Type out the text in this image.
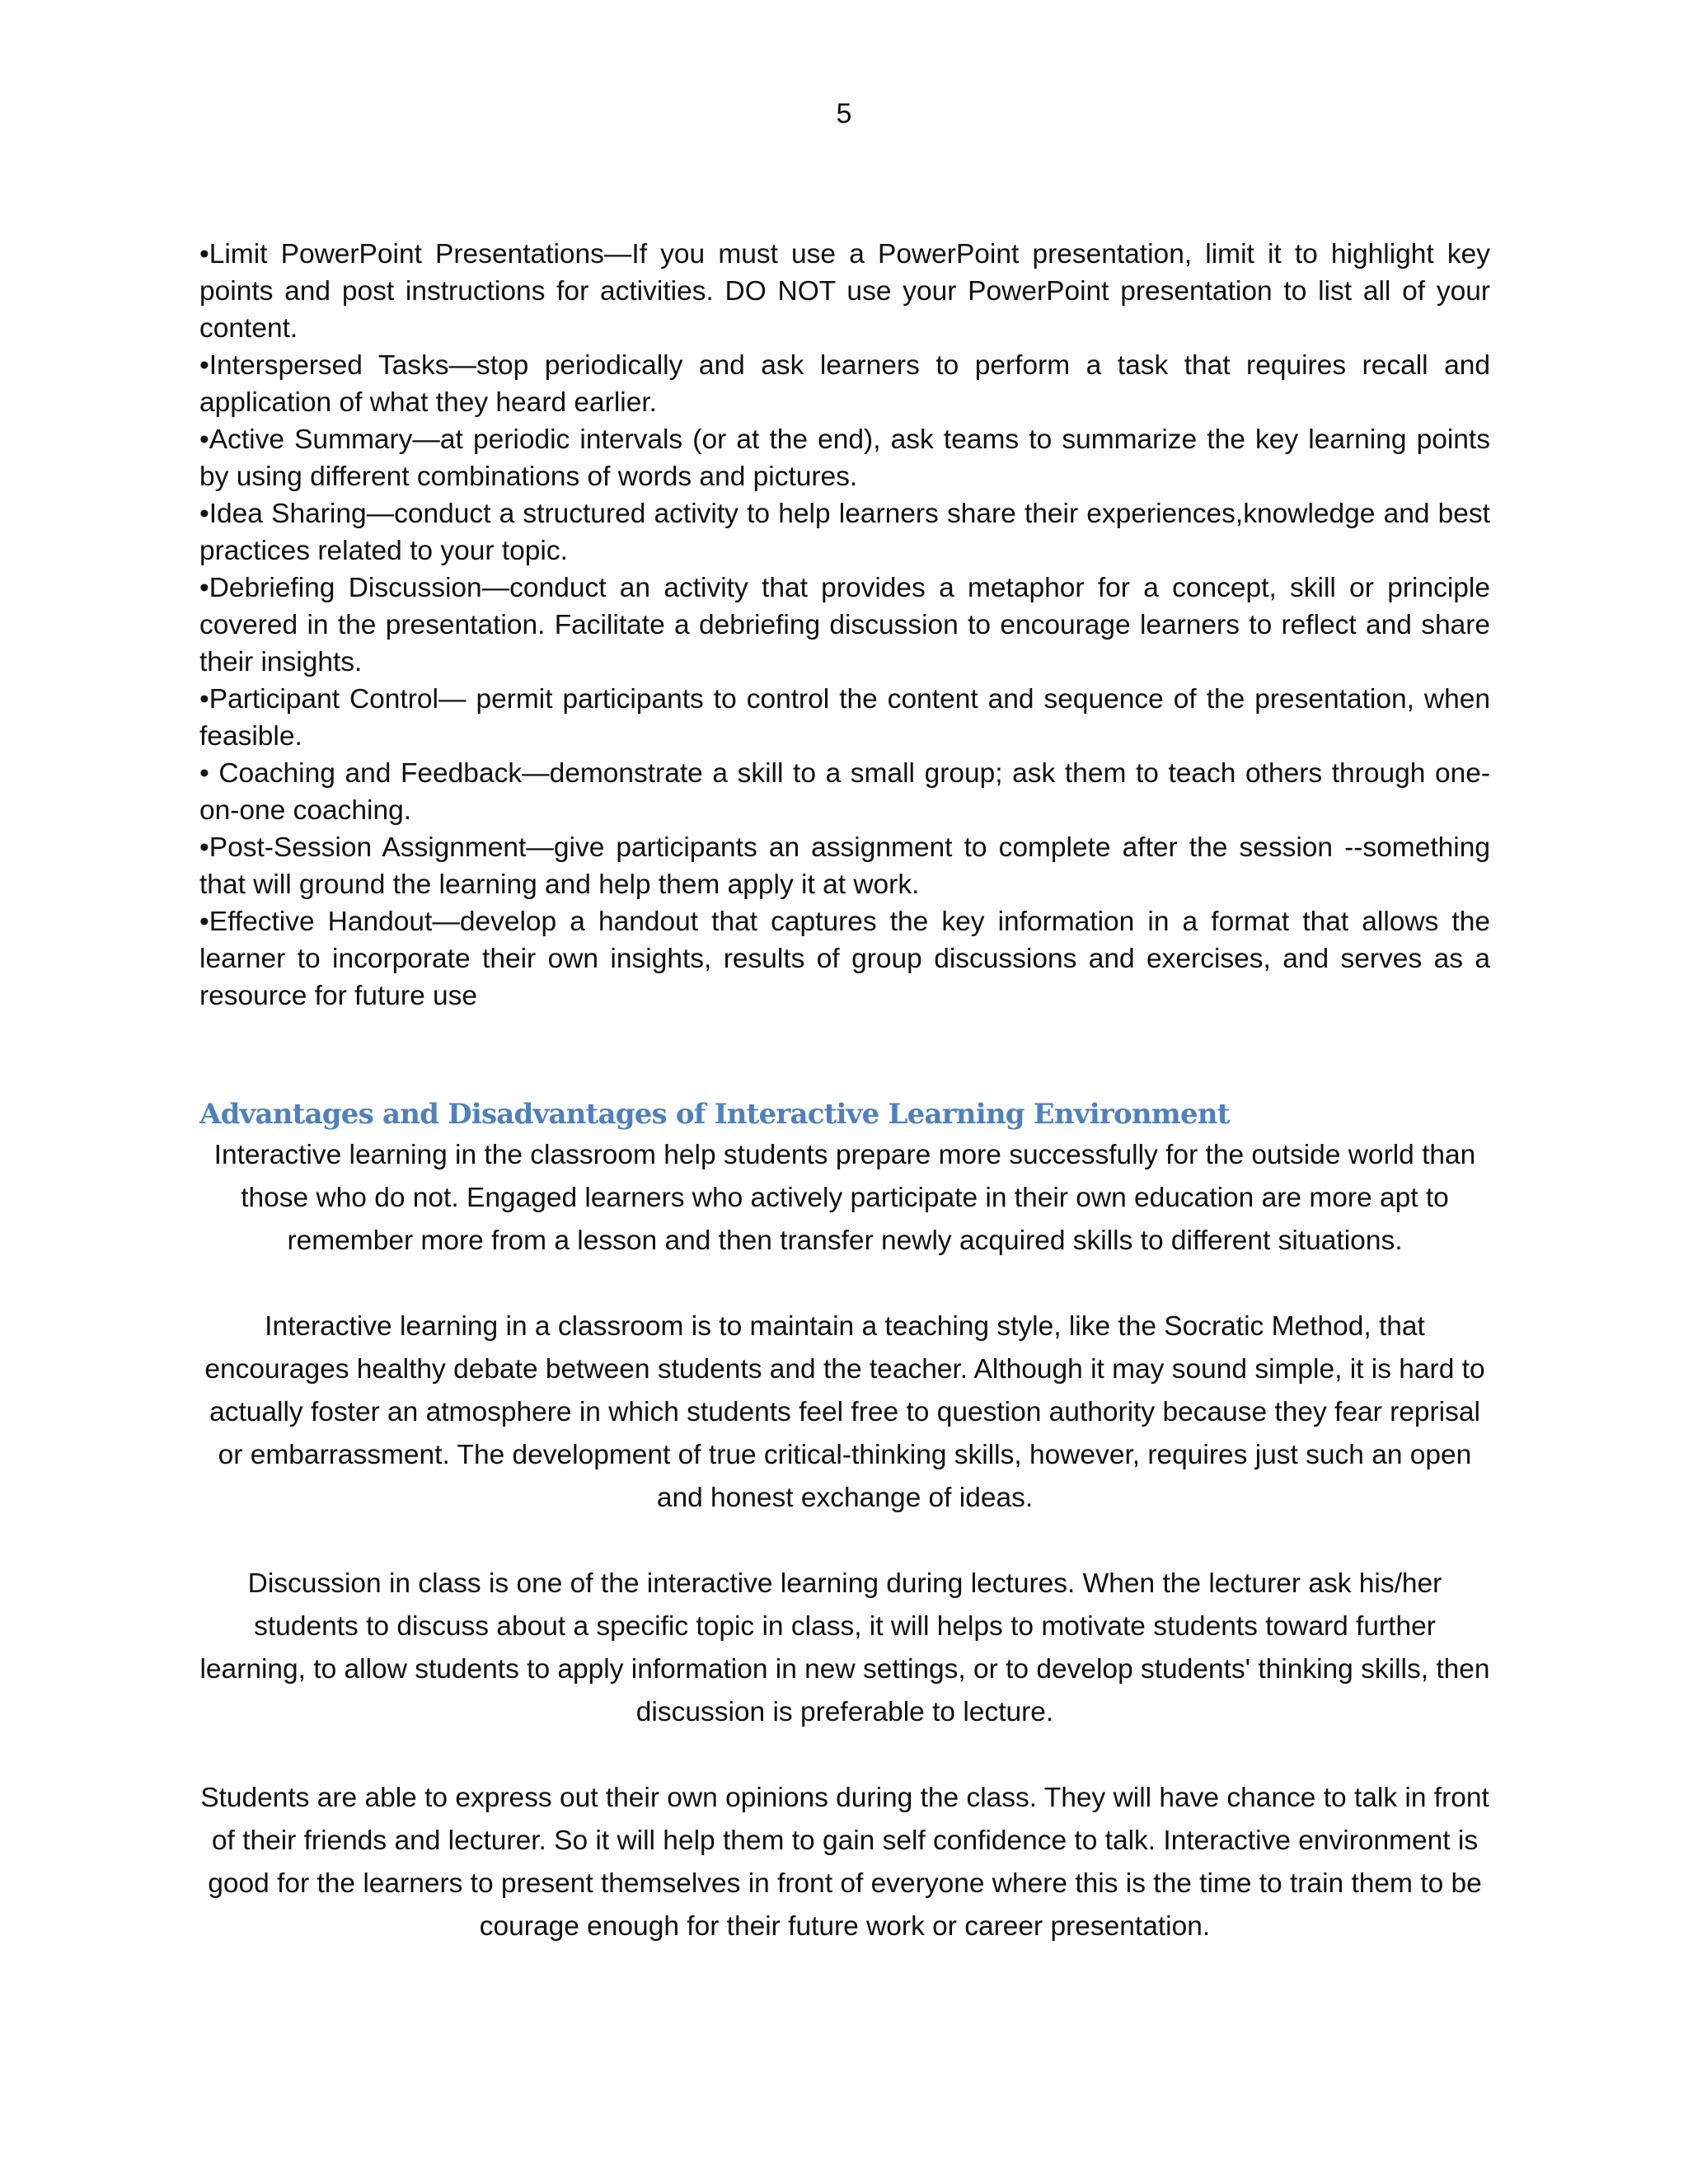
5

•Limit PowerPoint Presentations—If you must use a PowerPoint presentation, limit it to highlight key points and post instructions for activities. DO NOT use your PowerPoint presentation to list all of your content.

•Interspersed Tasks—stop periodically and ask learners to perform a task that requires recall and application of what they heard earlier.

•Active Summary—at periodic intervals (or at the end), ask teams to summarize the key learning points by using different combinations of words and pictures.

•Idea Sharing—conduct a structured activity to help learners share their experiences,knowledge and best practices related to your topic.

•Debriefing Discussion—conduct an activity that provides a metaphor for a concept, skill or principle covered in the presentation. Facilitate a debriefing discussion to encourage learners to reflect and share their insights.

•Participant Control— permit participants to control the content and sequence of the presentation, when feasible.

• Coaching and Feedback—demonstrate a skill to a small group; ask them to teach others through one-on-one coaching.

•Post-Session Assignment—give participants an assignment to complete after the session --something that will ground the learning and help them apply it at work.

•Effective Handout—develop a handout that captures the key information in a format that allows the learner to incorporate their own insights, results of group discussions and exercises, and serves as a resource for future use

Advantages and Disadvantages of Interactive Learning Environment

Interactive learning in the classroom help students prepare more successfully for the outside world than those who do not. Engaged learners who actively participate in their own education are more apt to remember more from a lesson and then transfer newly acquired skills to different situations.

Interactive learning in a classroom is to maintain a teaching style, like the Socratic Method, that encourages healthy debate between students and the teacher. Although it may sound simple, it is hard to actually foster an atmosphere in which students feel free to question authority because they fear reprisal or embarrassment. The development of true critical-thinking skills, however, requires just such an open and honest exchange of ideas.

Discussion in class is one of the interactive learning during lectures. When the lecturer ask his/her students to discuss about a specific topic in class, it will helps to motivate students toward further learning, to allow students to apply information in new settings, or to develop students' thinking skills, then discussion is preferable to lecture.

Students are able to express out their own opinions during the class. They will have chance to talk in front of their friends and lecturer. So it will help them to gain self confidence to talk. Interactive environment is good for the learners to present themselves in front of everyone where this is the time to train them to be courage enough for their future work or career presentation.
